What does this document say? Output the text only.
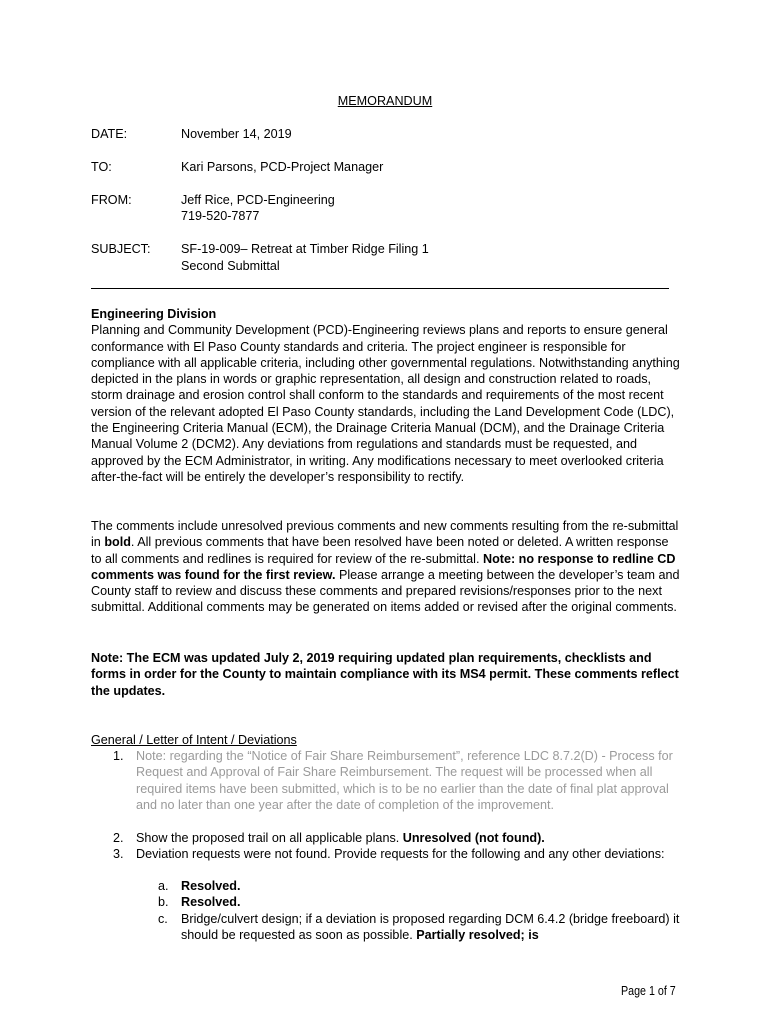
MEMORANDUM
DATE:	November 14, 2019
TO:	Kari Parsons, PCD-Project Manager
FROM:	Jeff Rice, PCD-Engineering
719-520-7877
SUBJECT:	SF-19-009– Retreat at Timber Ridge Filing 1
Second Submittal

Engineering Division

Planning and Community Development (PCD)-Engineering reviews plans and reports to ensure general conformance with El Paso County standards and criteria. The project engineer is responsible for compliance with all applicable criteria, including other governmental regulations. Notwithstanding anything depicted in the plans in words or graphic representation, all design and construction related to roads, storm drainage and erosion control shall conform to the standards and requirements of the most recent version of the relevant adopted El Paso County standards, including the Land Development Code (LDC), the Engineering Criteria Manual (ECM), the Drainage Criteria Manual (DCM), and the Drainage Criteria Manual Volume 2 (DCM2). Any deviations from regulations and standards must be requested, and approved by the ECM Administrator, in writing. Any modifications necessary to meet overlooked criteria after-the-fact will be entirely the developer’s responsibility to rectify.

The comments include unresolved previous comments and new comments resulting from the re-submittal in bold. All previous comments that have been resolved have been noted or deleted. A written response to all comments and redlines is required for review of the re-submittal. Note: no response to redline CD comments was found for the first review. Please arrange a meeting between the developer’s team and County staff to review and discuss these comments and prepared revisions/responses prior to the next submittal. Additional comments may be generated on items added or revised after the original comments.

Note: The ECM was updated July 2, 2019 requiring updated plan requirements, checklists and forms in order for the County to maintain compliance with its MS4 permit. These comments reflect the updates.
General / Letter of Intent / Deviations
1. Note: regarding the “Notice of Fair Share Reimbursement”, reference LDC 8.7.2(D) - Process for Request and Approval of Fair Share Reimbursement. The request will be processed when all required items have been submitted, which is to be no earlier than the date of final plat approval and no later than one year after the date of completion of the improvement.
2. Show the proposed trail on all applicable plans. Unresolved (not found).
3. Deviation requests were not found. Provide requests for the following and any other deviations:
a. Resolved.
b. Resolved.
c. Bridge/culvert design; if a deviation is proposed regarding DCM 6.4.2 (bridge freeboard) it should be requested as soon as possible. Partially resolved; is
Page 1 of 7
